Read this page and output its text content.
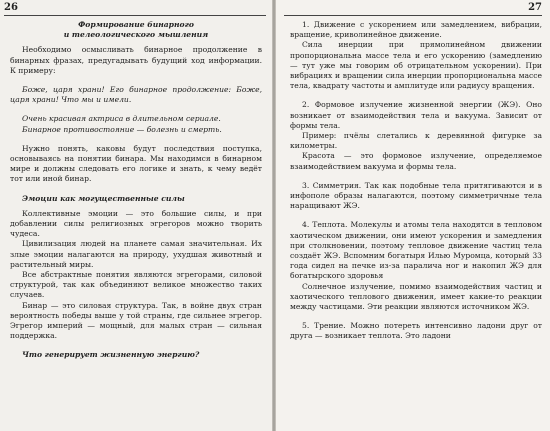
26

Формирование бинарного

и телеологического мышления

Необходимо осмысливать бинарное продолжение в бинарных фразах, предугадывать будущий ход информации. К примеру:

Боже, царя храни! Его бинарное продолжение: Боже, царя храни! Что мы и имели.

Очень красивая актриса в длительном сериале.

Бинарное противостояние — болезнь и смерть.

Нужно понять, каковы будут последствия поступка, основываясь на понятии бинара. Мы находимся в бинарном мире и должны следовать его логике и знать, к чему ведёт тот или иной бинар.

Эмоции как могущественные силы

Коллективные эмоции — это большие силы, и при добавлении силы религиозных эгрегоров можно творить чудеса.

Цивилизация людей на планете самая значительная. Их злые эмоции налагаются на природу, ухудшая животный и растительный миры.

Все абстрактные понятия являются эгрегорами, силовой структурой, так как объединяют великое множество таких случаев.

Бинар — это силовая структура. Так, в войне двух стран вероятность победы выше у той страны, где сильнее эгрегор. Эгрегор империй — мощный, для малых стран — сильная поддержка.

Что генерирует жизненную энергию?

27

1. Движение с ускорением или замедлением, вибрации, вращение, криволинейное движение.

Сила инерции при прямолинейном движении пропорциональна массе тела и его ускорению (замедлению — тут уже мы говорим об отрицательном ускорении). При вибрациях и вращении сила инерции пропорциональна массе тела, квадрату частоты и амплитуде или радиусу вращения.

2. Формовое излучение жизненной энергии (ЖЭ). Оно возникает от взаимодействия тела и вакуума. Зависит от формы тела.

Пример: пчёлы слетались к деревянной фигурке за километры.

Красота — это формовое излучение, определяемое взаимодействием вакуума и формы тела.

3. Симметрия. Так как подобные тела притягиваются и в инфополе образы налагаются, поэтому симметричные тела наращивают ЖЭ.

4. Теплота. Молекулы и атомы тела находятся в тепловом хаотическом движении, они имеют ускорения и замедления при столкновении, поэтому тепловое движение частиц тела создаёт ЖЭ. Вспомним богатыря Илью Муромца, который 33 года сидел на печке из-за паралича ног и накопил ЖЭ для богатырского здоровья

Солнечное излучение, помимо взаимодействия частиц и хаотического теплового движения, имеет какие-то реакции между частицами. Эти реакции являются источником ЖЭ.

5. Трение. Можно потереть интенсивно ладони друг от друга — возникает теплота. Это ладони
